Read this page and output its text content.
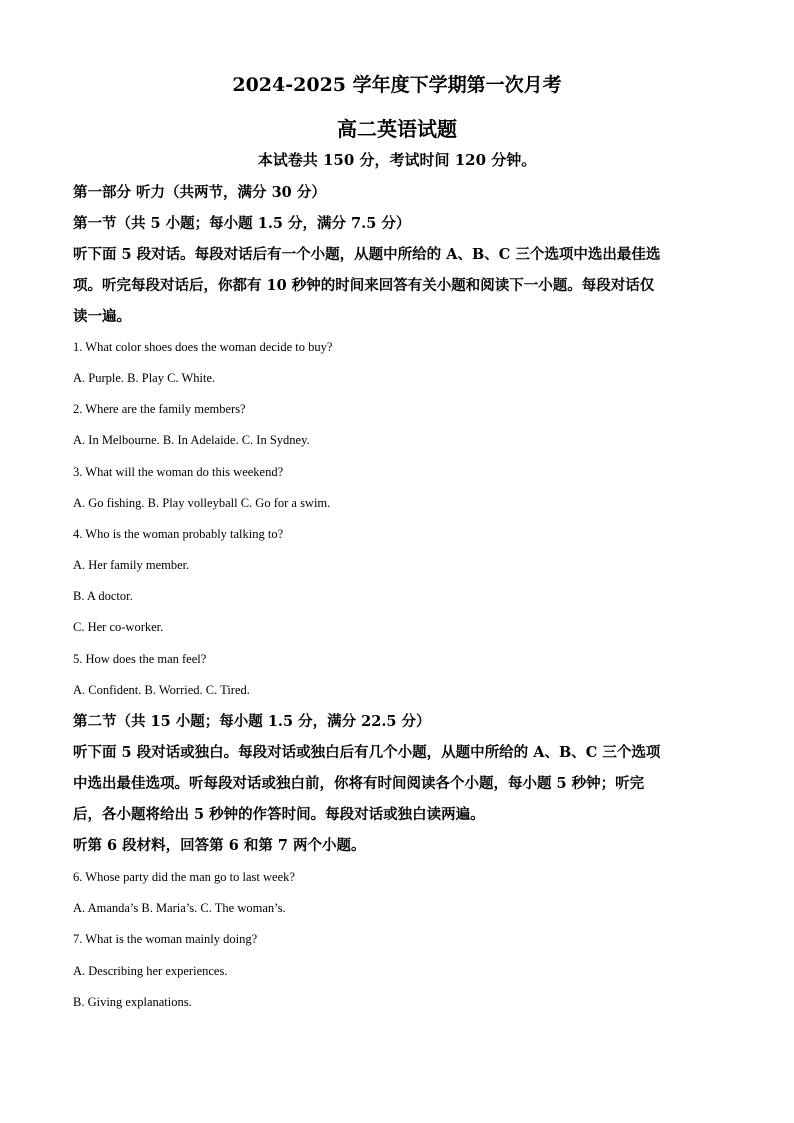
2024-2025 学年度下学期第一次月考
高二英语试题
本试卷共 150 分，考试时间 120 分钟。
第一部分 听力（共两节，满分 30 分）
第一节（共 5 小题；每小题 1.5 分，满分 7.5 分）
听下面 5 段对话。每段对话后有一个小题，从题中所给的 A、B、C 三个选项中选出最佳选
项。听完每段对话后，你都有 10 秒钟的时间来回答有关小题和阅读下一小题。每段对话仅
读一遍。
1. What color shoes does the woman decide to buy?
A. Purple. B. Play C. White.
2. Where are the family members?
A. In Melbourne. B. In Adelaide. C. In Sydney.
3. What will the woman do this weekend?
A. Go fishing. B. Play volleyball C. Go for a swim.
4. Who is the woman probably talking to?
A. Her family member.
B. A doctor.
C. Her co-worker.
5. How does the man feel?
A. Confident. B. Worried. C. Tired.
第二节（共 15 小题；每小题 1.5 分，满分 22.5 分）
听下面 5 段对话或独白。每段对话或独白后有几个小题，从题中所给的 A、B、C 三个选项
中选出最佳选项。听每段对话或独白前，你将有时间阅读各个小题，每小题 5 秒钟；听完
后，各小题将给出 5 秒钟的作答时间。每段对话或独白读两遍。
听第 6 段材料，回答第 6 和第 7 两个小题。
6. Whose party did the man go to last week?
A. Amanda’s B. Maria’s. C. The woman’s.
7. What is the woman mainly doing?
A. Describing her experiences.
B. Giving explanations.
